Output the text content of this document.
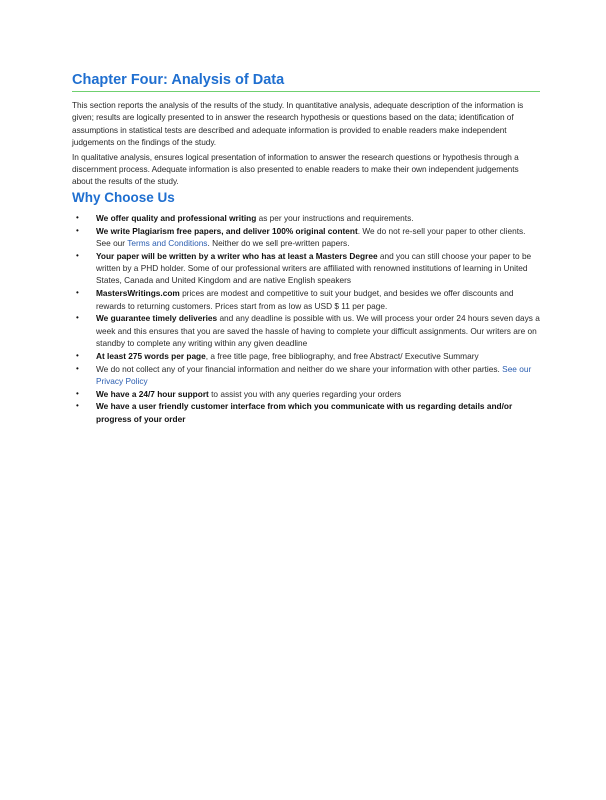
Chapter Four: Analysis of Data

This section reports the analysis of the results of the study. In quantitative analysis, adequate description of the information is given; results are logically presented to in answer the research hypothesis or questions based on the data; identification of assumptions in statistical tests are described and adequate information is provided to enable readers make independent judgements on the findings of the study.

In qualitative analysis, ensures logical presentation of information to answer the research questions or hypothesis through a discernment process. Adequate information is also presented to enable readers to make their own independent judgements about the results of the study.

Why Choose Us
• We offer quality and professional writing as per your instructions and requirements.
• We write Plagiarism free papers, and deliver 100% original content. We do not re-sell your paper to other clients. See our Terms and Conditions. Neither do we sell pre-written papers.
• Your paper will be written by a writer who has at least a Masters Degree and you can still choose your paper to be written by a PHD holder. Some of our professional writers are affiliated with renowned institutions of learning in United States, Canada and United Kingdom and are native English speakers
• MastersWritings.com prices are modest and competitive to suit your budget, and besides we offer discounts and rewards to returning customers. Prices start from as low as USD $ 11 per page.
• We guarantee timely deliveries and any deadline is possible with us. We will process your order 24 hours seven days a week and this ensures that you are saved the hassle of having to complete your difficult assignments. Our writers are on standby to complete any writing within any given deadline
• At least 275 words per page, a free title page, free bibliography, and free Abstract/ Executive Summary
• We do not collect any of your financial information and neither do we share your information with other parties. See our Privacy Policy
• We have a 24/7 hour support to assist you with any queries regarding your orders
• We have a user friendly customer interface from which you communicate with us regarding details and/or progress of your order
